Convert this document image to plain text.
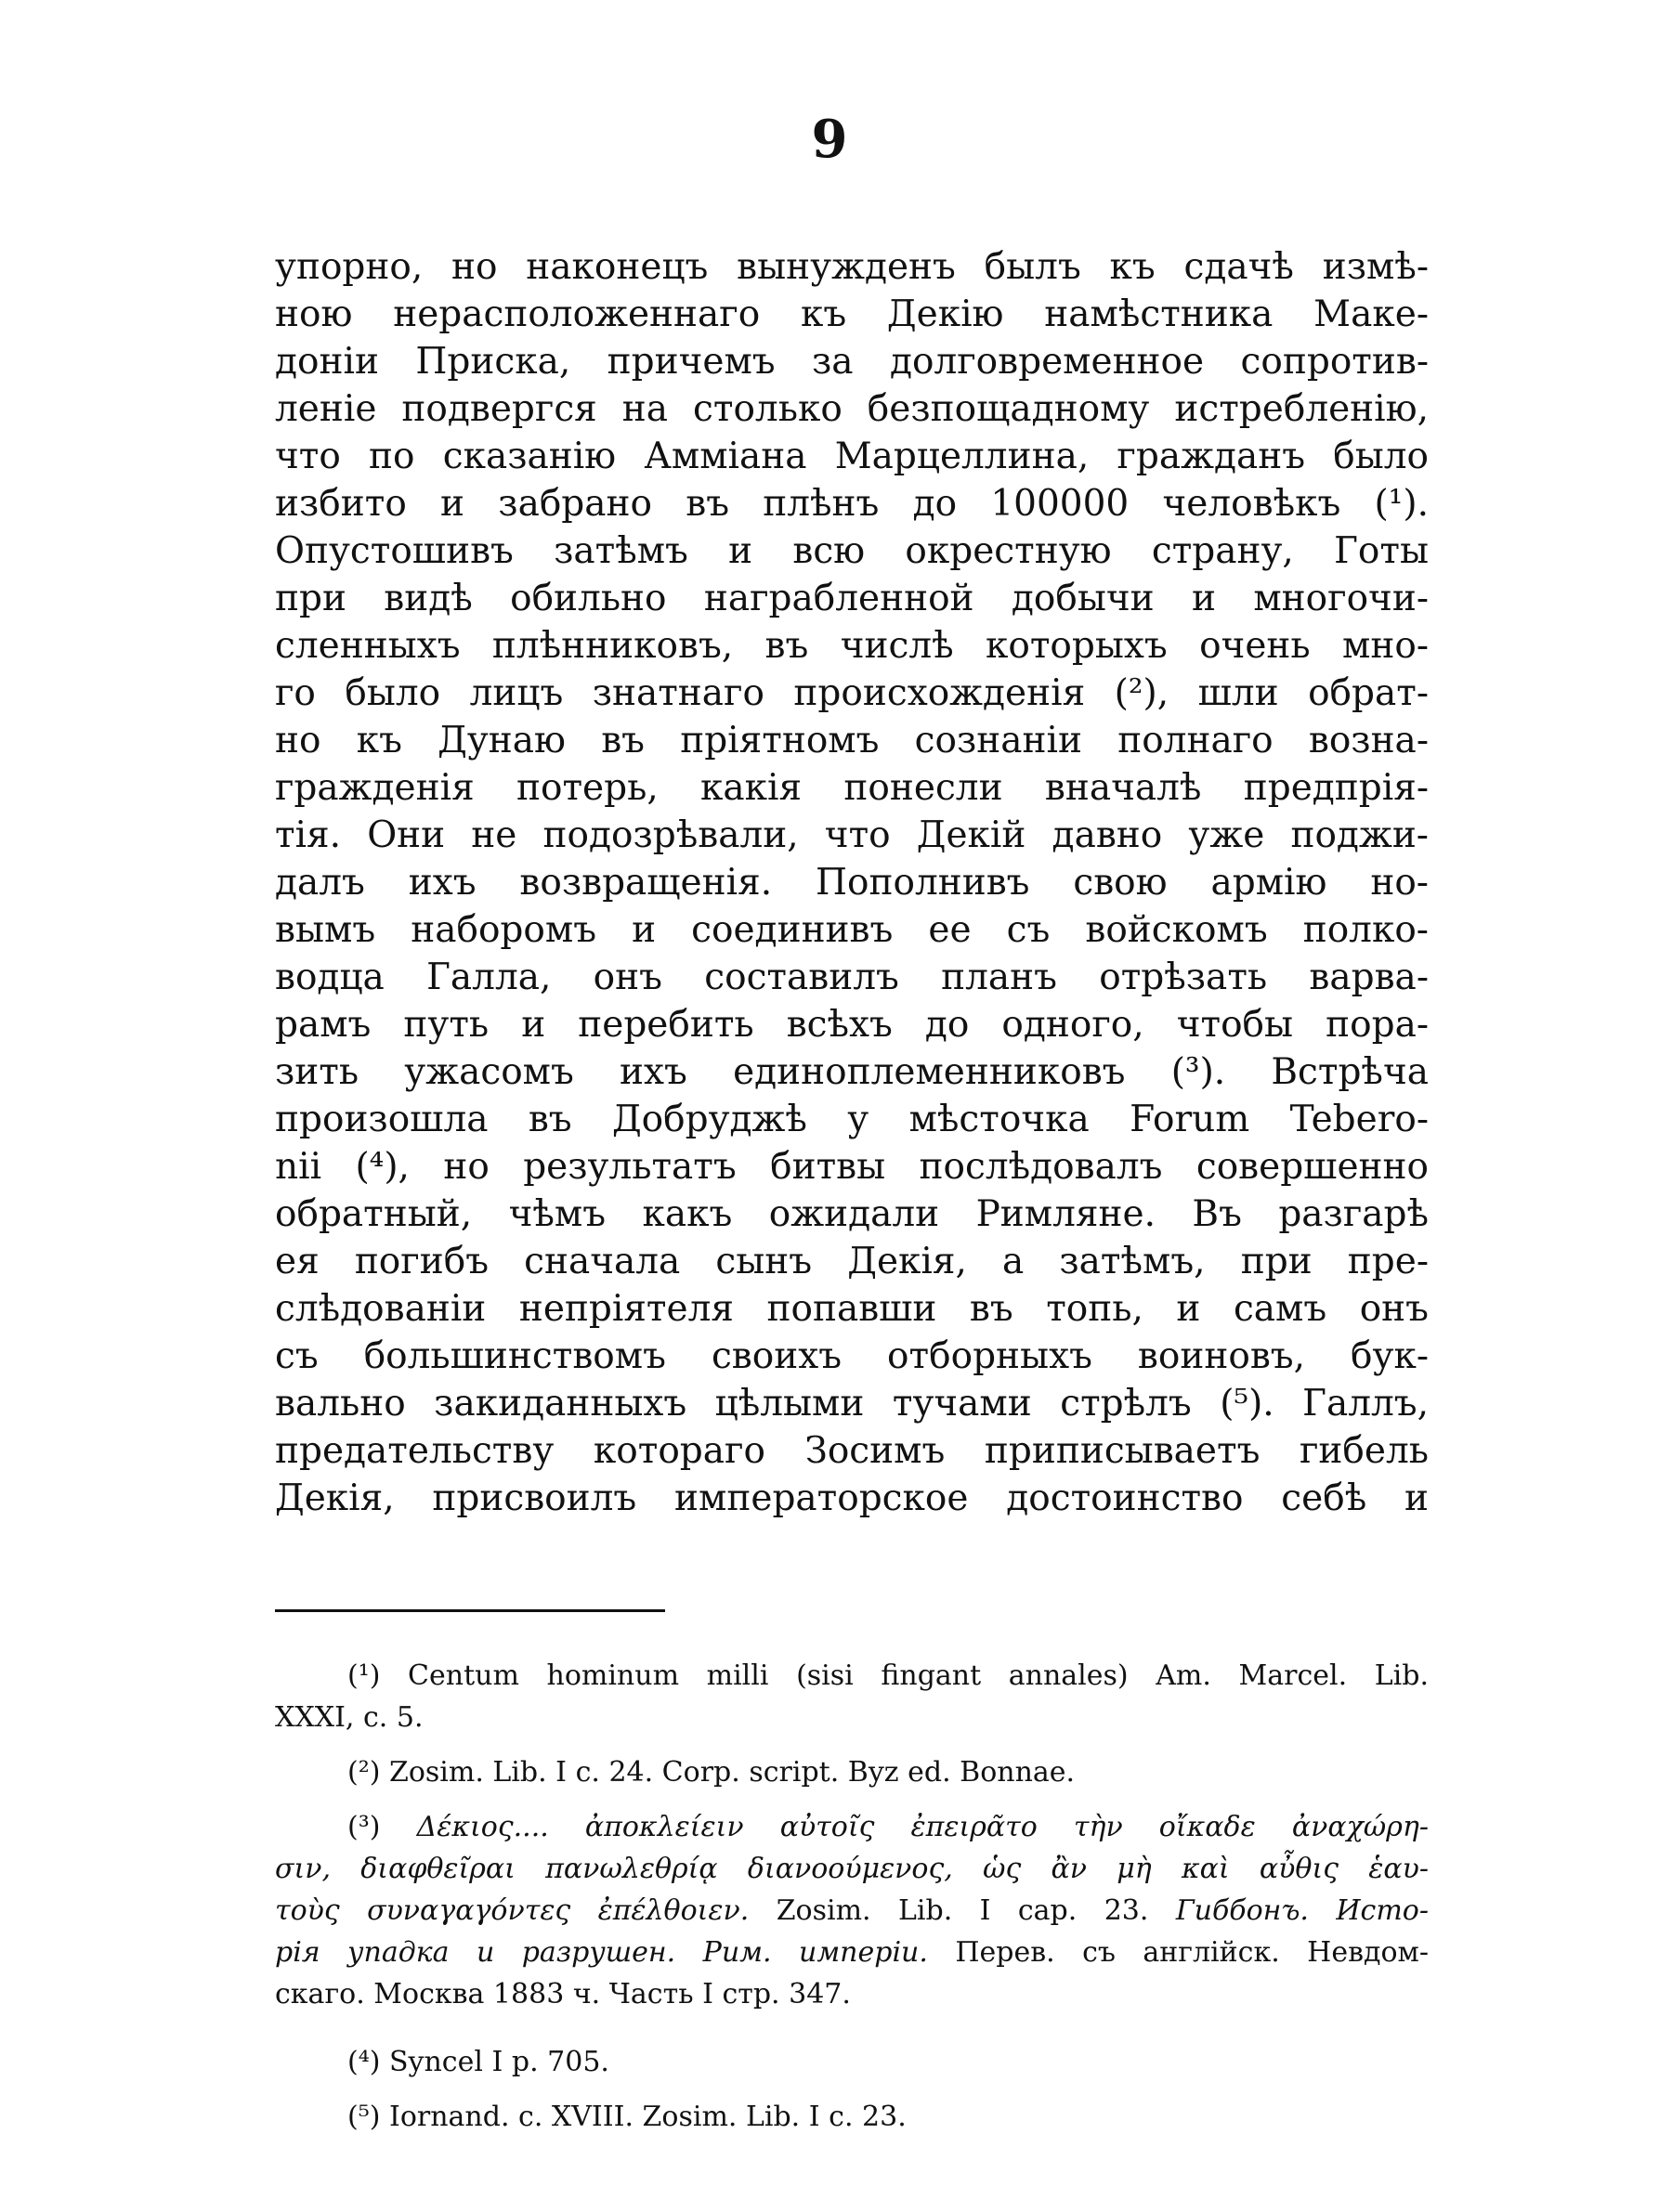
9
упорно, но наконецъ вынужденъ былъ къ сдачѣ измѣ-
ною нерасположеннаго къ Декію намѣстника Маке-
доніи Приска, причемъ за долговременное сопротив-
леніе подвергся на столько безпощадному истребленію,
что по сказанію Амміана Марцеллина, гражданъ было
избито и забрано въ плѣнъ до 100000 человѣкъ (¹).
Опустошивъ затѣмъ и всю окрестную страну, Готы
при видѣ обильно награбленной добычи и многочи-
сленныхъ плѣнниковъ, въ числѣ которыхъ очень мно-
го было лицъ знатнаго происхожденія (²), шли обрат-
но къ Дунаю въ пріятномъ сознаніи полнаго возна-
гражденія потерь, какія понесли вначалѣ предпрія-
тія. Они не подозрѣвали, что Декій давно уже поджи-
далъ ихъ возвращенія. Пополнивъ свою армію но-
вымъ наборомъ и соединивъ ее съ войскомъ полко-
водца Галла, онъ составилъ планъ отрѣзать варва-
рамъ путь и перебить всѣхъ до одного, чтобы пора-
зить ужасомъ ихъ единоплеменниковъ (³). Встрѣча
произошла въ Добруджѣ у мѣсточка Forum Tebero-
nii (⁴), но результатъ битвы послѣдовалъ совершенно
обратный, чѣмъ какъ ожидали Римляне. Въ разгарѣ
ея погибъ сначала сынъ Декія, а затѣмъ, при пре-
слѣдованіи непріятеля попавши въ топь, и самъ онъ
съ большинствомъ своихъ отборныхъ воиновъ, бук-
вально закиданныхъ цѣлыми тучами стрѣлъ (⁵). Галлъ,
предательству котораго Зосимъ приписываетъ гибель
Декія, присвоилъ императорское достоинство себѣ и
(¹) Centum hominum milli (sisi fingant annales) Am. Marcel. Lib.
XXXI, c. 5.
(²) Zosim. Lib. I c. 24. Corp. script. Byz ed. Bonnae.
(³) Δέκιος.... ἀποκλείειν αὐτοῖς ἐπειρᾶτο τὴν οἴκαδε ἀναχώρη-
σιν, διαφθεῖραι πανωλεθρίᾳ διανοούμενος, ὡς ἂν μὴ καὶ αὖθις ἑαυ-
τοὺς συναγαγόντες ἐπέλθοιεν. Zosim. Lib. I cap. 23. Гиббонъ. Исто-
рія упадка и разрушен. Рим. имперіи. Перев. съ англійск. Невдом-
скаго. Москва 1883 ч. Часть I стр. 347.
(⁴) Syncel I p. 705.
(⁵) Iornand. c. XVIII. Zosim. Lib. I c. 23.
